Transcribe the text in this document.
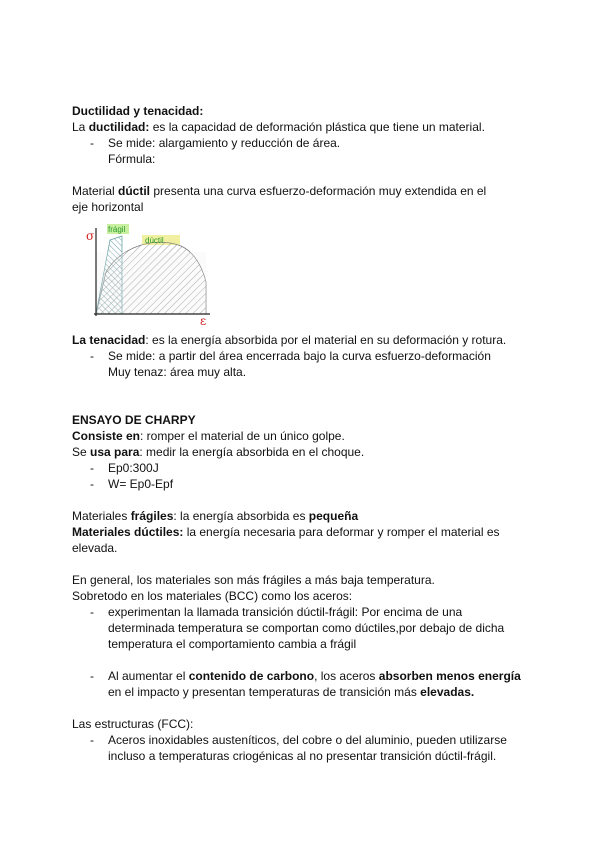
Ductilidad y tenacidad:
La ductilidad: es la capacidad de deformación plástica que tiene un material.
- Se mide: alargamiento y reducción de área.
Fórmula:
Material dúctil presenta una curva esfuerzo-deformación muy extendida en el
eje horizontal
σ
ε
frágil
dúctil
La tenacidad: es la energía absorbida por el material en su deformación y rotura.
- Se mide: a partir del área encerrada bajo la curva esfuerzo-deformación
Muy tenaz: área muy alta.
ENSAYO DE CHARPY
Consiste en: romper el material de un único golpe.
Se usa para: medir la energía absorbida en el choque.
- Ep0:300J
- W= Ep0-Epf
Materiales frágiles: la energía absorbida es pequeña
Materiales dúctiles: la energía necesaria para deformar y romper el material es
elevada.
En general, los materiales son más frágiles a más baja temperatura.
Sobretodo en los materiales (BCC) como los aceros:
- experimentan la llamada transición dúctil-frágil: Por encima de una
determinada temperatura se comportan como dúctiles,por debajo de dicha
temperatura el comportamiento cambia a frágil
- Al aumentar el contenido de carbono, los aceros absorben menos energía
en el impacto y presentan temperaturas de transición más elevadas.
Las estructuras (FCC):
- Aceros inoxidables austeníticos, del cobre o del aluminio, pueden utilizarse
incluso a temperaturas criogénicas al no presentar transición dúctil-frágil.
